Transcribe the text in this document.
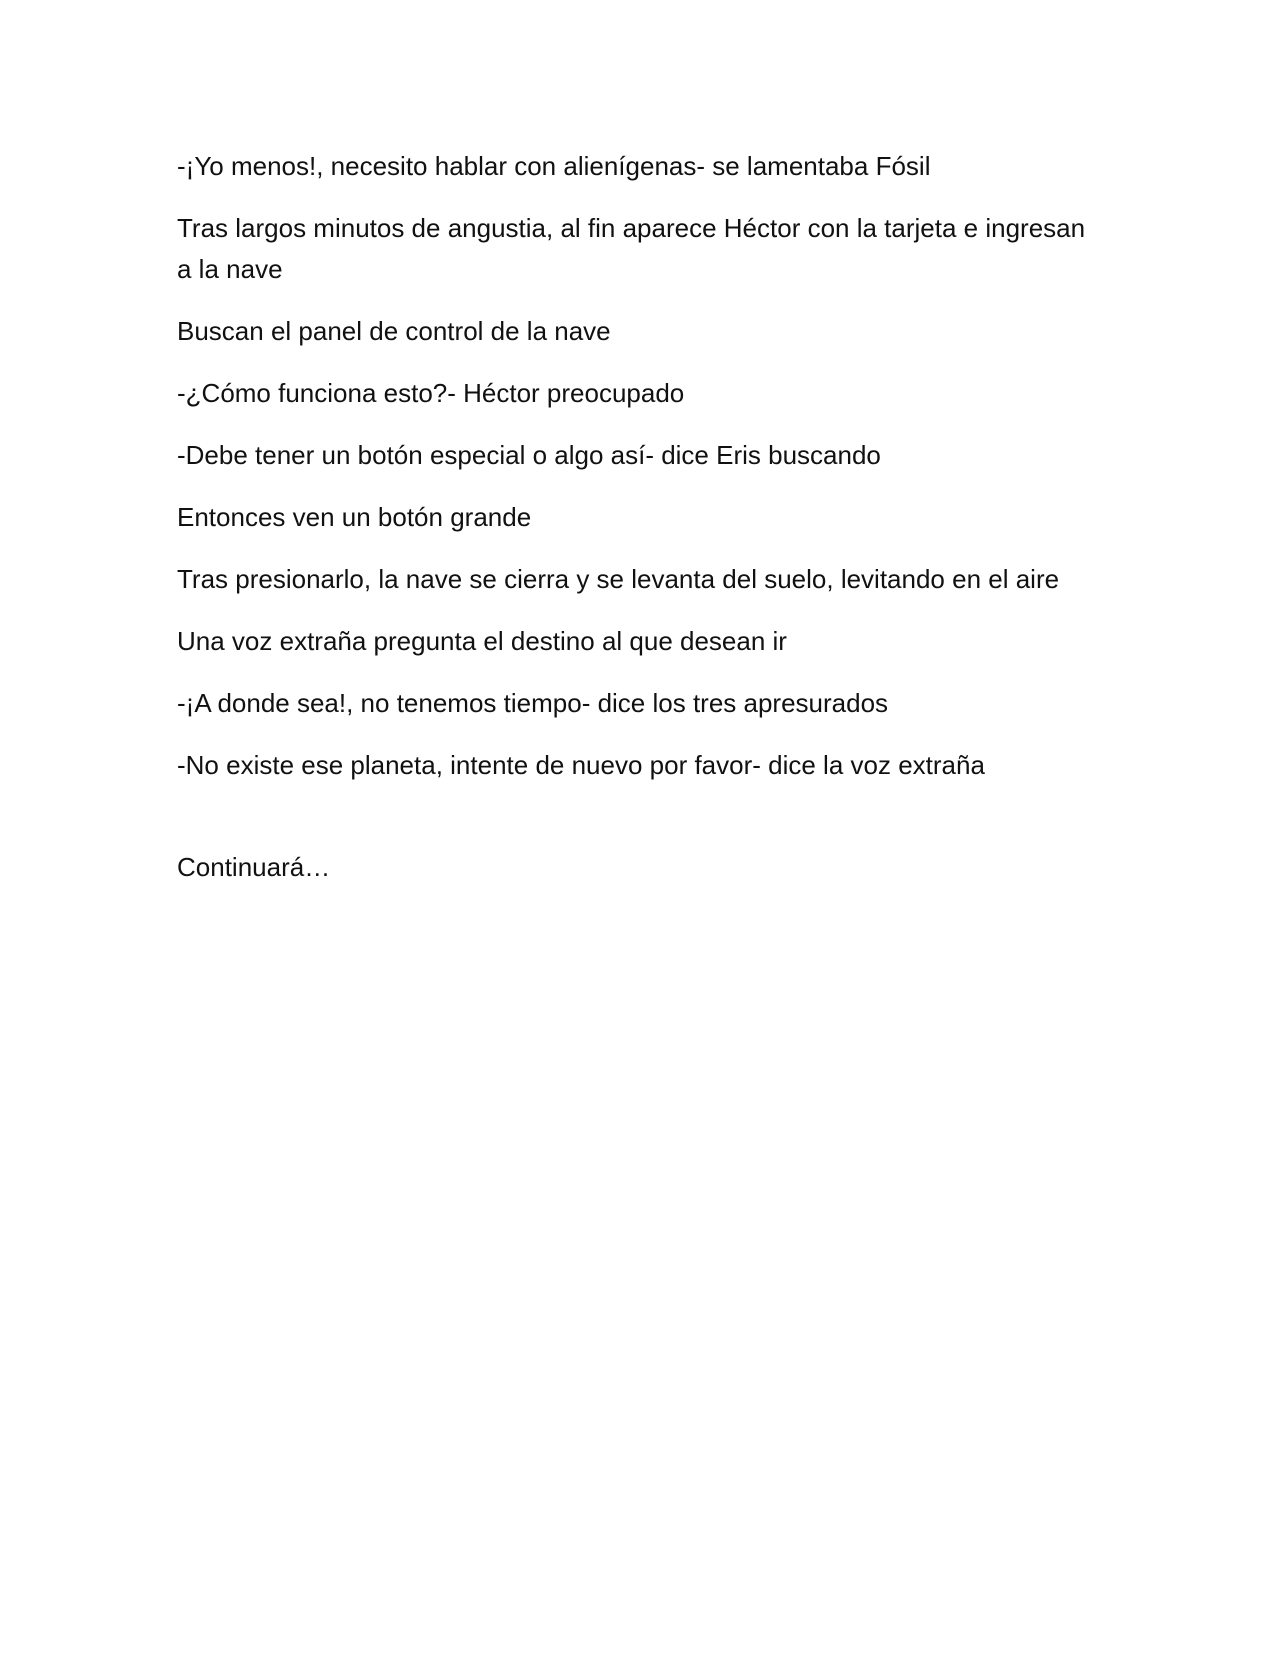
-¡Yo menos!, necesito hablar con alienígenas- se lamentaba Fósil

Tras largos minutos de angustia, al fin aparece Héctor con la tarjeta e ingresan a la nave

Buscan el panel de control de la nave

-¿Cómo funciona esto?- Héctor preocupado

-Debe tener un botón especial o algo así- dice Eris buscando

Entonces ven un botón grande

Tras presionarlo, la nave se cierra y se levanta del suelo, levitando en el aire

Una voz extraña pregunta el destino al que desean ir

-¡A donde sea!, no tenemos tiempo- dice los tres apresurados

-No existe ese planeta, intente de nuevo por favor- dice la voz extraña

Continuará…
